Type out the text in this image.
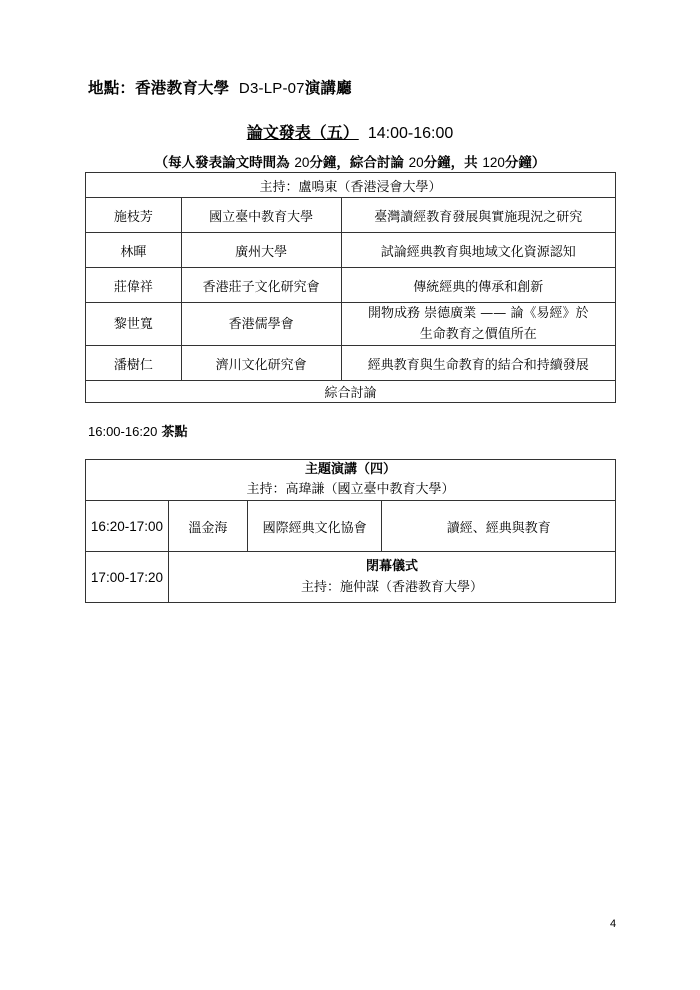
地點：香港教育大學 D3-LP-07演講廳
論文發表（五） 14:00-16:00
（每人發表論文時間為 20分鐘，綜合討論 20分鐘，共 120分鐘）
主持：盧鳴東（香港浸會大學）		
施枝芳	國立臺中教育大學	臺灣讀經教育發展與實施現況之研究
林暉	廣州大學	試論經典教育與地域文化資源認知
莊偉祥	香港莊子文化研究會	傳統經典的傳承和創新
黎世寬	香港儒學會	開物成務 崇德廣業 —— 論《易經》於
生命教育之價值所在

潘樹仁	濟川文化研究會	經典教育與生命教育的結合和持續發展
綜合討論		
16:00-16:20 茶點
主題演講（四）
主持：高瑋謙（國立臺中教育大學）			

16:20-17:00	溫金海	國際經典文化協會	讀經、經典與教育
17:00-17:20	閉幕儀式
主持：施仲謀（香港教育大學）		
4
